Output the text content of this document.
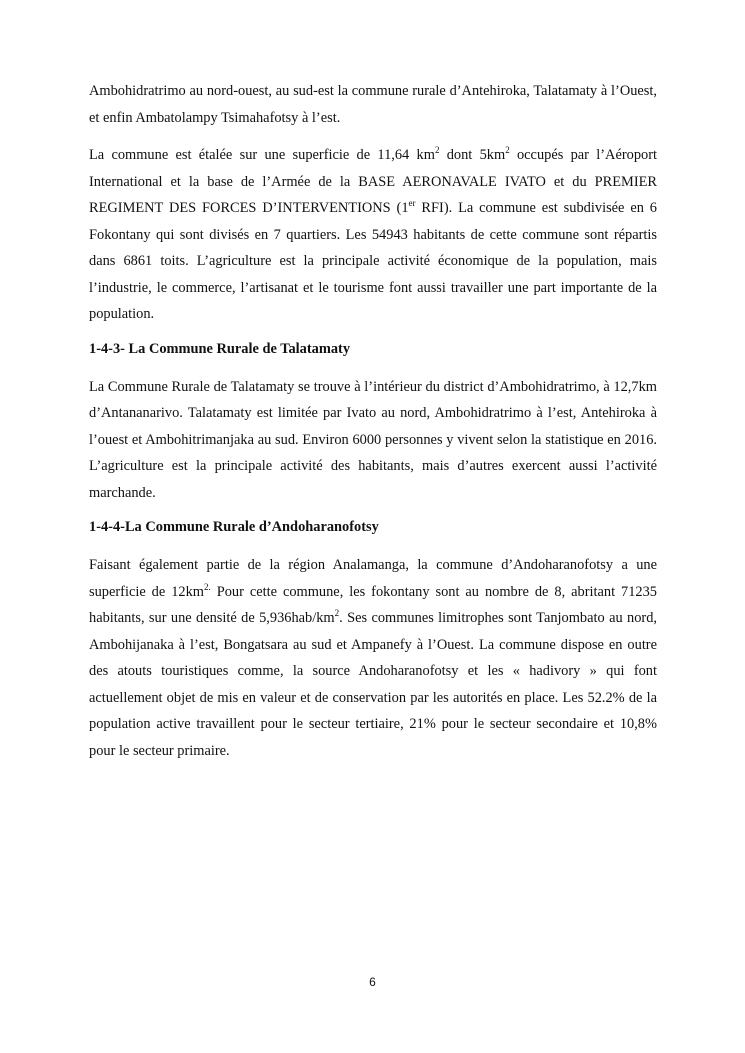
Ambohidratrimo au nord-ouest, au sud-est la commune rurale d’Antehiroka, Talatamaty à l’Ouest, et enfin Ambatolampy Tsimahafotsy à l’est.

La commune est étalée sur une superficie de 11,64 $km^2$ dont $5km^2$ occupés par l’Aéroport International et la base de l’Armée de la BASE AERONAVALE IVATO et du PREMIER REGIMENT DES FORCES D’INTERVENTIONS (1er RFI). La commune est subdivisée en 6 Fokontany qui sont divisés en 7 quartiers. Les 54943 habitants de cette commune sont répartis dans 6861 toits. L’agriculture est la principale activité économique de la population, mais l’industrie, le commerce, l’artisanat et le tourisme font aussi travailler une part importante de la population.

1-4-3- La Commune Rurale de Talatamaty

La Commune Rurale de Talatamaty se trouve à l’intérieur du district d’Ambohidratrimo, à 12,7km d’Antananarivo. Talatamaty est limitée par Ivato au nord, Ambohidratrimo à l’est, Antehiroka à l’ouest et Ambohitrimanjaka au sud. Environ 6000 personnes y vivent selon la statistique en 2016. L’agriculture est la principale activité des habitants, mais d’autres exercent aussi l’activité marchande.

1-4-4-La Commune Rurale d’Andoharanofotsy

Faisant également partie de la région Analamanga, la commune d’Andoharanofotsy a une superficie de $12km^{2.}$ Pour cette commune, les fokontany sont au nombre de 8, abritant 71235 habitants, sur une densité de $5,936hab/km^2$. Ses communes limitrophes sont Tanjombato au nord, Ambohijanaka à l’est, Bongatsara au sud et Ampanefy à l’Ouest. La commune dispose en outre des atouts touristiques comme, la source Andoharanofotsy et les « hadivory » qui font actuellement objet de mis en valeur et de conservation par les autorités en place. Les 52.2% de la population active travaillent pour le secteur tertiaire, 21% pour le secteur secondaire et 10,8% pour le secteur primaire.

6
